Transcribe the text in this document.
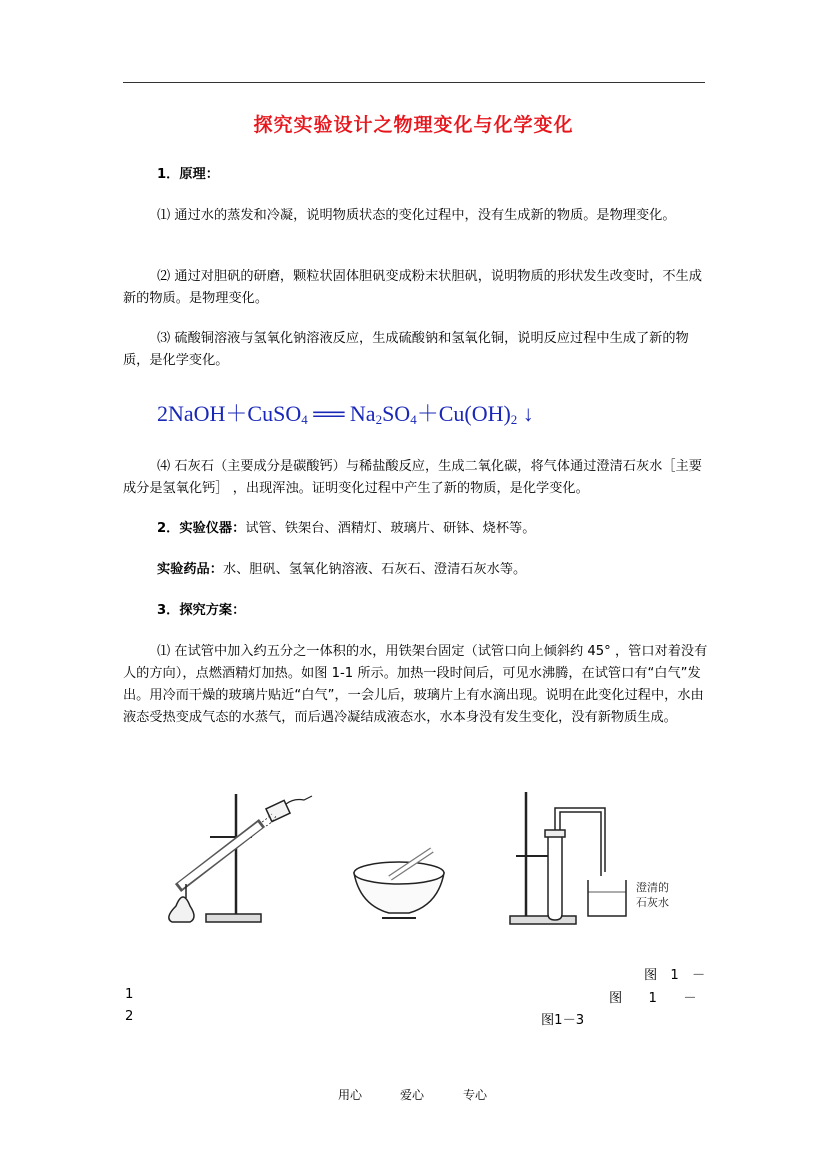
探究实验设计之物理变化与化学变化
1．原理：
⑴ 通过水的蒸发和冷凝，说明物质状态的变化过程中，没有生成新的物质。是物理变化。
⑵ 通过对胆矾的研磨，颗粒状固体胆矾变成粉末状胆矾，说明物质的形状发生改变时，不生成新的物质。是物理变化。
⑶ 硫酸铜溶液与氢氧化钠溶液反应，生成硫酸钠和氢氧化铜，说明反应过程中生成了新的物质，是化学变化。
2NaOH＋CuSO$_4$ ══ $Na_2SO_4+Cu(OH)_2$ ↓
⑷ 石灰石（主要成分是碳酸钙）与稀盐酸反应，生成二氧化碳，将气体通过澄清石灰水［主要成分是氢氧化钙］ ，出现浑浊。证明变化过程中产生了新的物质，是化学变化。
2．实验仪器：试管、铁架台、酒精灯、玻璃片、研钵、烧杯等。
实验药品：水、胆矾、氢氧化钠溶液、石灰石、澄清石灰水等。
3．探究方案：
⑴ 在试管中加入约五分之一体积的水，用铁架台固定（试管口向上倾斜约 45° ，管口对着没有人的方向），点燃酒精灯加热。如图 1-1 所示。加热一段时间后，可见水沸腾，在试管口有“白气”发出。用冷而干燥的玻璃片贴近“白气”，一会儿后，玻璃片上有水滴出现。说明在此变化过程中，水由液态受热变成气态的水蒸气，而后遇冷凝结成液态水，水本身没有发生变化，没有新物质生成。
澄清的
石灰水
图　1　－
1	图　　1　　－
2	图1－3
用心	爱心	专心
